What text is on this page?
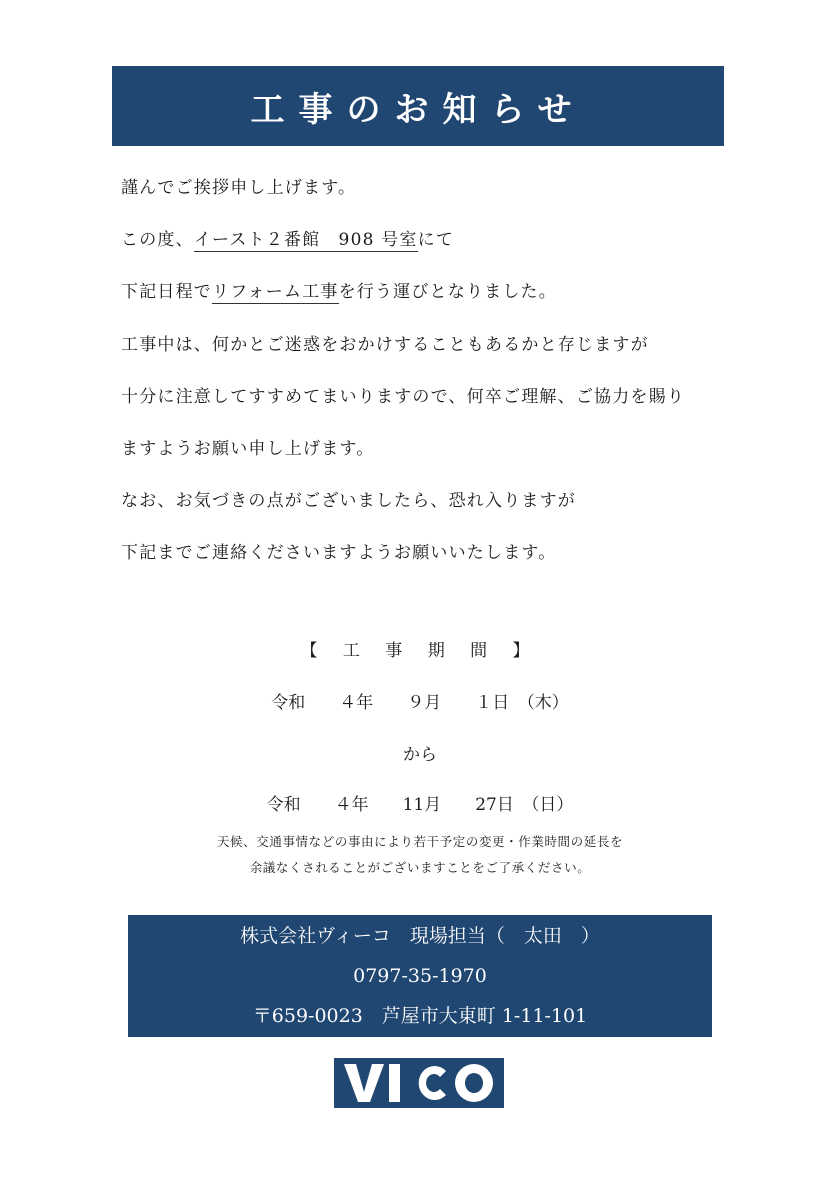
工事のお知らせ

謹んでご挨拶申し上げます。

この度、イースト２番館　908 号室にて

下記日程でリフォーム工事を行う運びとなりました。

工事中は、何かとご迷惑をおかけすることもあるかと存じますが

十分に注意してすすめてまいりますので、何卒ご理解、ご協力を賜り

ますようお願い申し上げます。

なお、お気づきの点がございましたら、恐れ入りますが

下記までご連絡くださいますようお願いいたします。

【 工 事 期 間 】
令和　　４年　　９月　　１日　（木）
から
令和　　４年　　11月　　27日　（日）
天候、交通事情などの事由により若干予定の変更・作業時間の延長を
余議なくされることがございますことをご了承ください。
株式会社ヴィーコ　現場担当（　太田　）
0797-35-1970
〒659-0023　芦屋市大東町 1-11-101
